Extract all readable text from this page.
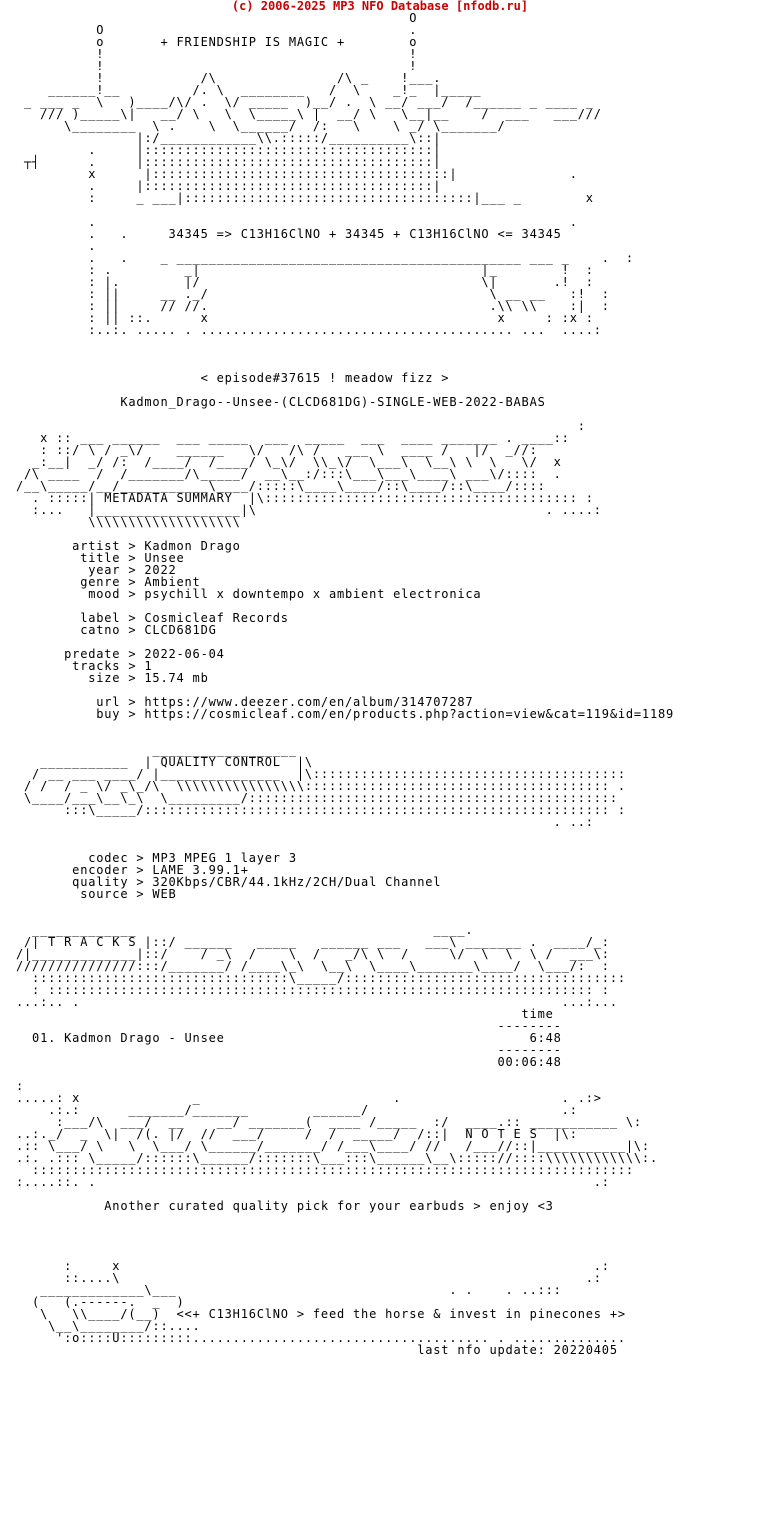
(c) 2006-2025 MP3 NFO Database [nfodb.ru]
O
O                                      .
o       + FRIENDSHIP IS MAGIC +        o
!                                      !
!                                      !
!            /\               /\ _    !___.
______!__         /. \  ________   /  \    _!_  |_____
_ ___ _  \   )____/\/ .  \/ _____  )__/ .  \ __/ ___/  /______ _ ____ _
/// )_____\|   __/ \   \  \_____\ |  __/ \   \__|__    /  ___   ___///
\________  \ .    \  \______/  /:   \    \ _/ \_______/
|:/____________\\.:::::/__________\::|
.     |::::::::::::::::::::::::::::::::::::|
┬┤      .     |::::::::::::::::::::::::::::::::::::|
x      |:::::::::::::::::::::::::::::::::::::|              .
.     |::::::::::::::::::::::::::::::::::::|
:     _ ___|::::::::::::::::::::::::::::::::::::|___ _        x

.                                                           .
.   .     34345 => C13H16ClNO + 34345 + C13H16ClNO <= 34345
.
.   .    _ ___________________________________________ ___ _    .  :
: .         _|                                   |_        !  :
: |.        |/                                   \|       .!  :
: ||     __ ._/                                   \ __ __   :!  :
: ||     // //.                                   .\\ \\    :|  :
: || ::.      x                                    x     : :x :
:..:. ..... . ....................................... ...  ....:

< episode#37615 ! meadow fizz >

Kadmon_Drago--Unsee-(CLCD681DG)-SINGLE-WEB-2022-BABAS

:
x :: ___ ______  ___ _____  ___  _____  ___  ____ _______ . ____::
: ::/ \ / _\/    ______   \/   /\ /   ___ \  ____ /   |/  _//:
_:__|  _/ /:  /____/  /____/ \_\/  \\_\/  \___\  \__\ \  \   \/  x
/\ ____  /  /_______/\_____/  __\__:/:::\___\___\____\ ___\/::::  .
/__\_____/__/___________\____/:::::\____\____/::\____/::\____/::::
. :::::| METADATA SUMMARY  |\::::::::::::::::::::::::::::::::::::::: :
:...   |__________________|\                                    . ....:
\\\\\\\\\\\\\\\\\\\

artist > Kadmon Drago
title > Unsee
year > 2022
genre > Ambient
mood > psychill x downtempo x ambient electronica

label > Cosmicleaf Records
catno > CLCD681DG

predate > 2022-06-04
tracks > 1
size > 15.74 mb

url > https://www.deezer.com/en/album/314707287
buy > https://cosmicleaf.com/en/products.php?action=view&cat=119&id=1189

__________________
___________  | QUALITY CONTROL  |\
/ __ ___ ____/ |_______________  |\:::::::::::::::::::::::::::::::::::::::
/ /  / _ \/ _\_/\  \\\\\\\\\\\\\\\\:::::::::::::::::::::::::::::::::::::: .
\____/___\__\_\  \_________/::::::::::::::::::::::::::::::::::::::::::::::
:::\_____/:::::::::::::::::::::::::::::::::::::::::::::::::::::::::: :
. ..:

codec > MP3 MPEG 1 layer 3
encoder > LAME 3.99.1+
quality > 320Kbps/CBR/44.1kHz/2CH/Dual Channel
source > WEB

_____________                                     ____.
/| T R A C K S |::/ ______   _____   ______ ___   ___\ _______ .  ____/_:
/|_____________|::/    / _\  /    \  /   _/\ \  /     \/  \  \  \ /  ___\:
///////////////:::/_______/ /____\_\  \__\  \____\_______\____/  \___/:  :
::::::::::::::::::::::::::::::::\_____/:::::::::::::::::::::::::::::::::::
: :::::::::::::::::::::::::::::::::::::::::::::::::::::::::::::::::::: :
...:.. .                                                            ...:...
time
--------
01. Kadmon Drago - Unsee                                      6:48
--------
00:06:48

:
.....: x              _                        .                    . .:>
.:.:      _______/_______        ______/                        .:
:___/\  ___/  __    __/ _______(  ____ /_____  :/  ____.:: ___________ \:
..:._/  _  \|  /(. |/  //  ___/     /  /  _____/  /::|  N O T E S  |\:
.:: \___/ \   \  \___/ \______/_______/ /___\____/ //   /___//::|___________|\:
.:. .::: \_____/::::::\______/:::::::\___:::\______\__\::::://::::\\\\\\\\\\\\:.
:::::::::::::::::::::::::::::::::::::::::::::::::::::::::::::::::::::::::::
:....::. .                                                              .:

Another curated quality pick for your earbuds > enjoy <3

:     x                                                           .:
::....\                                                          .:
_____________\___                                  . .    . ..:::
(   (.------.  _  )
\   \\____/(__)  <<+ C13H16ClNO > feed the horse & invest in pinecones +>
\__\________/::....
':o::::U:::::::::..................................... . ..............
last nfo update: 20220405
